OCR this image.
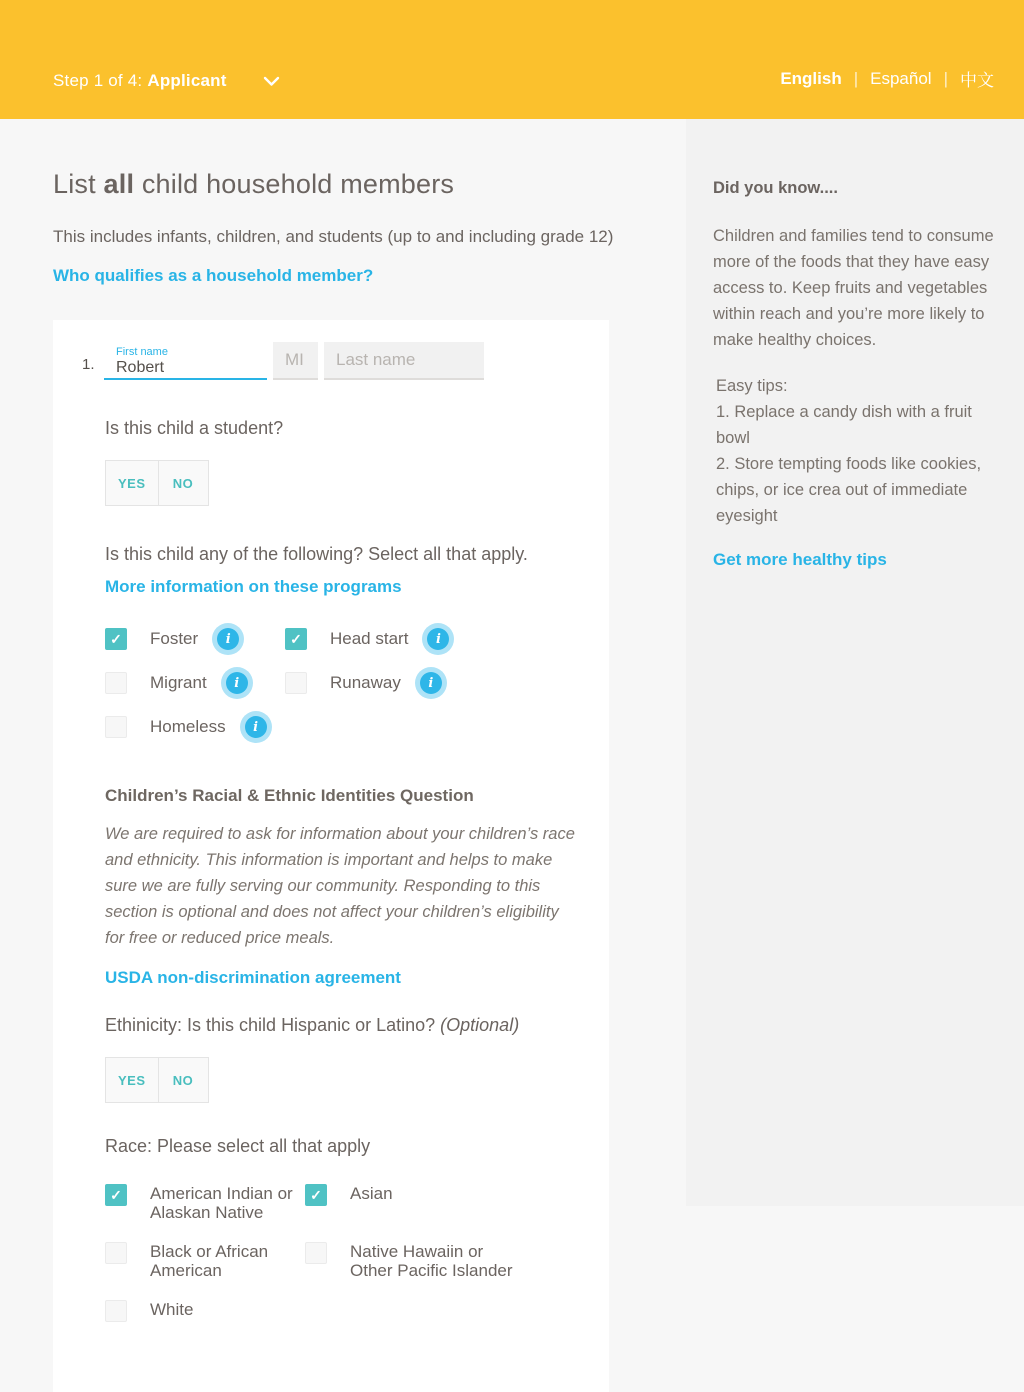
Step 1 of 4: Applicant	English | Español | 中文
List all child household members

This includes infants, children, and students (up to and including grade 12)

Who qualifies as a household member?
1.
First name
Robert
MI
Last name

Is this child a student?

YES	NO

Is this child any of the following? Select all that apply.

More information on these programs
✓
Foster	i ✓	Head start	i
Migrant	i	Runaway	i
Homeless	i
Children’s Racial & Ethnic Identities Question

We are required to ask for information about your children’s race and ethnicity. This information is important and helps to make sure we are fully serving our community. Responding to this section is optional and does not affect your children’s eligibility for free or reduced price meals.

USDA non-discrimination agreement

Ethinicity: Is this child Hispanic or Latino? (Optional)

YES	NO

Race: Please select all that apply

✓
American Indian or Alaskan Native
✓
Asian
Black or African American
Native Hawaiin or Other Pacific Islander
White
Did you know....

Children and families tend to consume more of the foods that they have easy access to. Keep fruits and vegetables within reach and you’re more likely to make healthy choices.

Easy tips:

1. Replace a candy dish with a fruit bowl

2. Store tempting foods like cookies, chips, or ice crea out of immediate eyesight

Get more healthy tips
